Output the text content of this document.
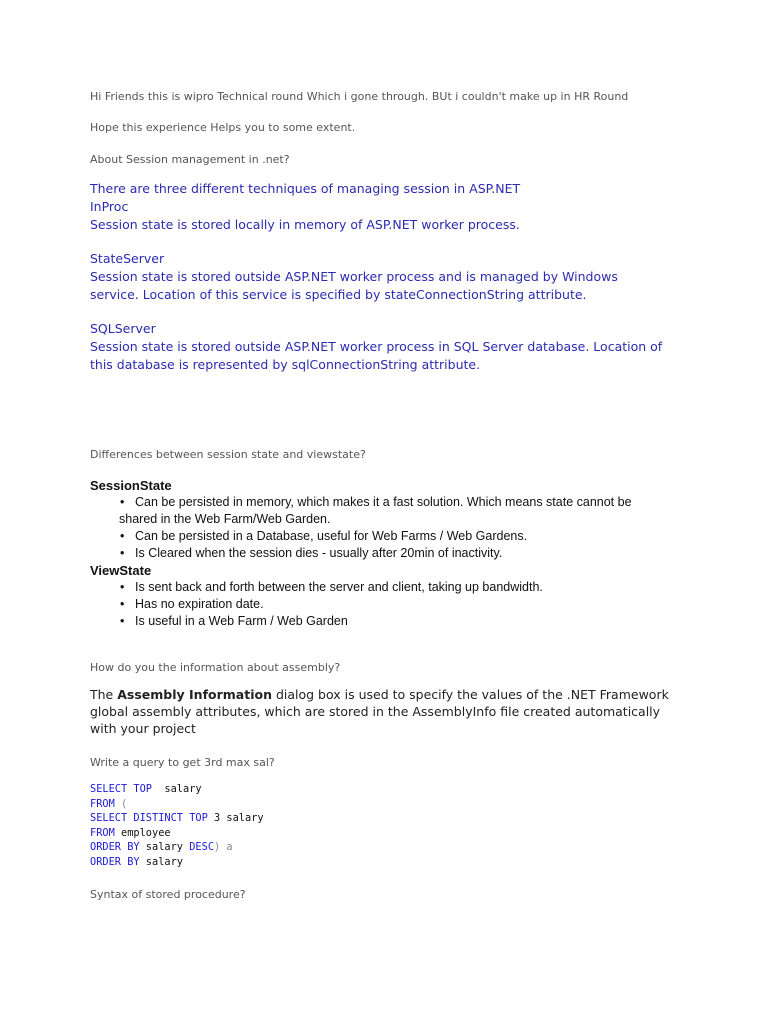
Hi Friends this is wipro Technical round Which i gone through. BUt i couldn't make up in HR Round
Hope this experience Helps you to some extent.
About Session management in .net?
There are three different techniques of managing session in ASP.NET
InProc
Session state is stored locally in memory of ASP.NET worker process.
StateServer
Session state is stored outside ASP.NET worker process and is managed by Windows
service. Location of this service is specified by stateConnectionString attribute.
SQLServer
Session state is stored outside ASP.NET worker process in SQL Server database. Location of
this database is represented by sqlConnectionString attribute.
Differences between session state and viewstate?
SessionState
• Can be persisted in memory, which makes it a fast solution. Which means state cannot be
shared in the Web Farm/Web Garden.
• Can be persisted in a Database, useful for Web Farms / Web Gardens.
• Is Cleared when the session dies - usually after 20min of inactivity.
ViewState
• Is sent back and forth between the server and client, taking up bandwidth.
• Has no expiration date.
• Is useful in a Web Farm / Web Garden
How do you the information about assembly?
The Assembly Information dialog box is used to specify the values of the .NET Framework
global assembly attributes, which are stored in the AssemblyInfo file created automatically
with your project
Write a query to get 3rd max sal?
SELECT TOP  salary
FROM (
SELECT DISTINCT TOP 3 salary
FROM employee
ORDER BY salary DESC) a
ORDER BY salary
Syntax of stored procedure?
